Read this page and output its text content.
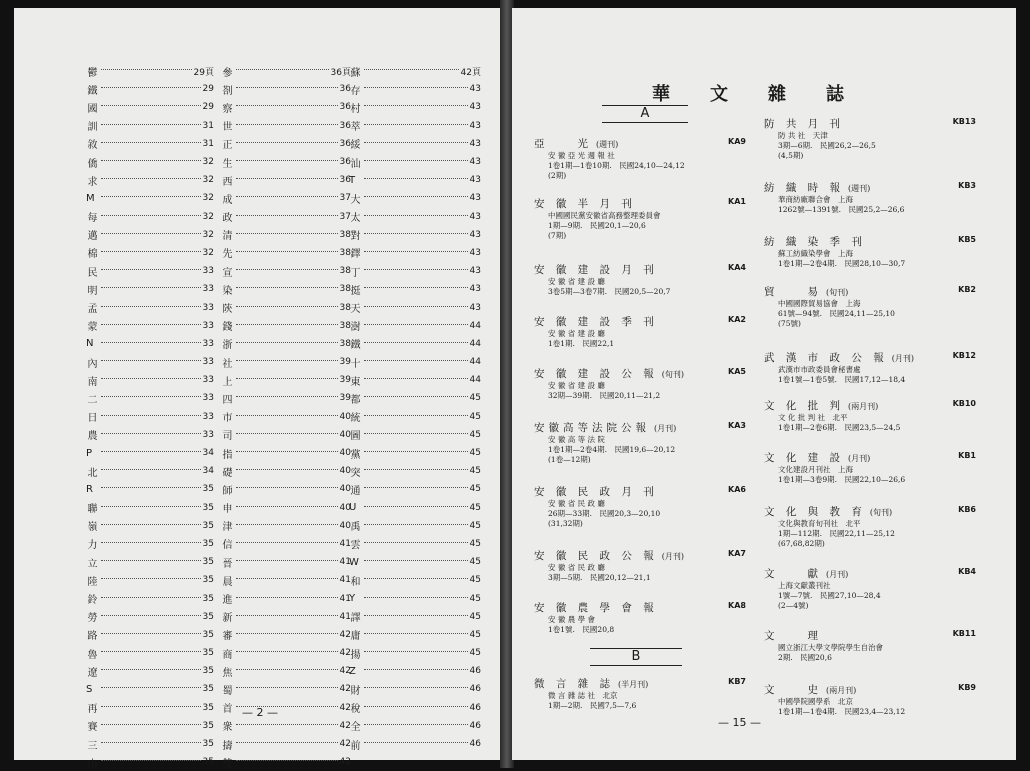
鬱	29頁
鐵	29
國	29
訓	31
敘	31
僑	32
求	32
M	32
每	32
邁	32
棉	32
民	33
明	33
孟	33
蒙	33
N	33
內	33
南	33
二	33
日	33
農	33
P	34
北	34
R	35
聯	35
嶺	35
力	35
立	35
陸	35
鈴	35
勞	35
路	35
魯	35
遼	35
S	35
再	35
賽	35
三	35
山	35
參	36頁
剳	36
察	36
世	36
正	36
生	36
西	36
成	37
政	37
清	38
先	38
宣	38
染	38
陝	38
錢	38
浙	38
社	39
上	39
四	39
市	40
司	40
指	40
礎	40
師	40
申	40
津	40
信	41
晉	41
晨	41
進	41
新	41
審	42
商	42
焦	42
蜀	42
首	42
衆	42
擣	42
雙	42
蘇	42頁
存	43
村	43
萃	43
綏	43
汕	43
T	43
大	43
太	43
對	43
鐸	43
丁	43
挺	43
天	43
澍	44
鐵	44
十	44
東	44
都	45
統	45
圖	45
黨	45
突	45
通	45
U	45
禹	45
雲	45
W	45
和	45
Y	45
譯	45
庸	45
揚	45
Z	46
財	46
稅	46
全	46
前	46
— 2 —
華文雜誌
A
B
亞　　光 (週刊)	KA9
安 徽 亞 光 週 報 社
1卷1期—1卷10期.　民國24,10—24,12
(2期)
安 徽 半 月 刊	KA1
中國國民黨安徽省高務整理委員會
1期—9期.　民國20,1—20,6
(7期)
安 徽 建 設 月 刊	KA4
安 徽 省 建 設 廳
3卷5期—3卷7期.　民國20,5—20,7
安 徽 建 設 季 刊	KA2
安 徽 省 建 設 廳
1卷1期.　民國22,1
安 徽 建 設 公 報 (旬刊)	KA5
安 徽 省 建 設 廳
32期—39期.　民國20,11—21,2
安徽高等法院公報 (月刊)	KA3
安 徽 高 等 法 院
1卷1期—2卷4期.　民國19,6—20,12
(1卷—12期)
安 徽 民 政 月 刊	KA6
安 徽 省 民 政 廳
26期—33期.　民國20,3—20,10
(31,32期)
安 徽 民 政 公 報 (月刊)	KA7
安 徽 省 民 政 廳
3期—5期.　民國20,12—21,1
安 徽 農 學 會 報	KA8
安 徽 農 學 會
1卷1號.　民國20,8
微 言 雜 誌 (半月刊)	KB7
微 言 雜 誌 社　北京
1期—2期.　民國7,5—7,6
防 共 月 刊	KB13
防 共 社　天津
3期—6期.　民國26,2—26,5
(4,5期)
紡 織 時 報 (週刊)	KB3
華商紡廠聯合會　上海
1262號—1391號.　民國25,2—26,6
紡 織 染 季 刊	KB5
蘇工紡織染學會　上海
1卷1期—2卷4期.　民國28,10—30,7
貿　　易 (旬刊)	KB2
中國國際貿易協會　上海
61號—94號.　民國24,11—25,10
(75號)
武 漢 市 政 公 報 (月刊)	KB12
武漢市市政委員會秘書處
1卷1號—1卷5號.　民國17,12—18,4
文 化 批 判 (兩月刊)	KB10
文 化 批 判 社　北平
1卷1期—2卷6期.　民國23,5—24,5
文 化 建 設 (月刊)	KB1
文化建設月刊社　上海
1卷1期—3卷9期.　民國22,10—26,6
文 化 與 教 育 (旬刊)	KB6
文化與教育旬刊社　北平
1期—112期.　民國22,11—25,12
(67,68,82期)
文　　獻 (月刊)	KB4
上海文獻叢刊社
1號—7號.　民國27,10—28,4
(2—4號)
文　　理	KB11
國立浙江大學文學院學生自治會
2期.　民國20,6
文　　史 (兩月刊)	KB9
中國學院國學系　北京
1卷1期—1卷4期.　民國23,4—23,12
— 15 —
